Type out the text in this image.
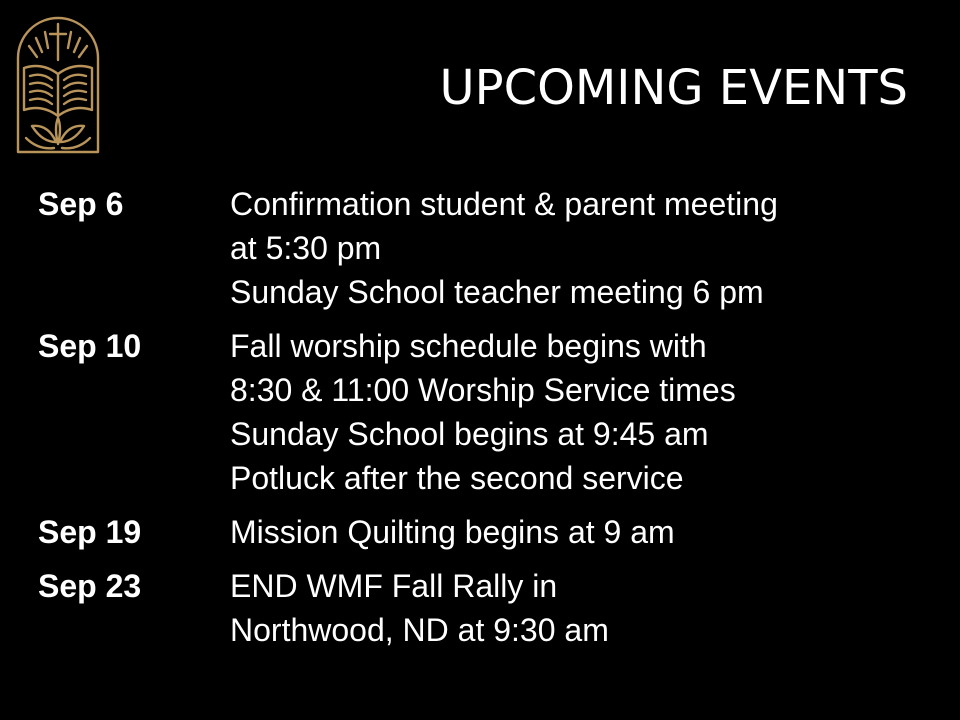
UPCOMING EVENTS
Sep 6	Confirmation student & parent meeting
at 5:30 pm
Sunday School teacher meeting 6 pm
Sep 10	Fall worship schedule begins with
8:30 & 11:00 Worship Service times
Sunday School begins at 9:45 am
Potluck after the second service
Sep 19	Mission Quilting begins at 9 am
Sep 23	END WMF Fall Rally in
Northwood, ND at 9:30 am
